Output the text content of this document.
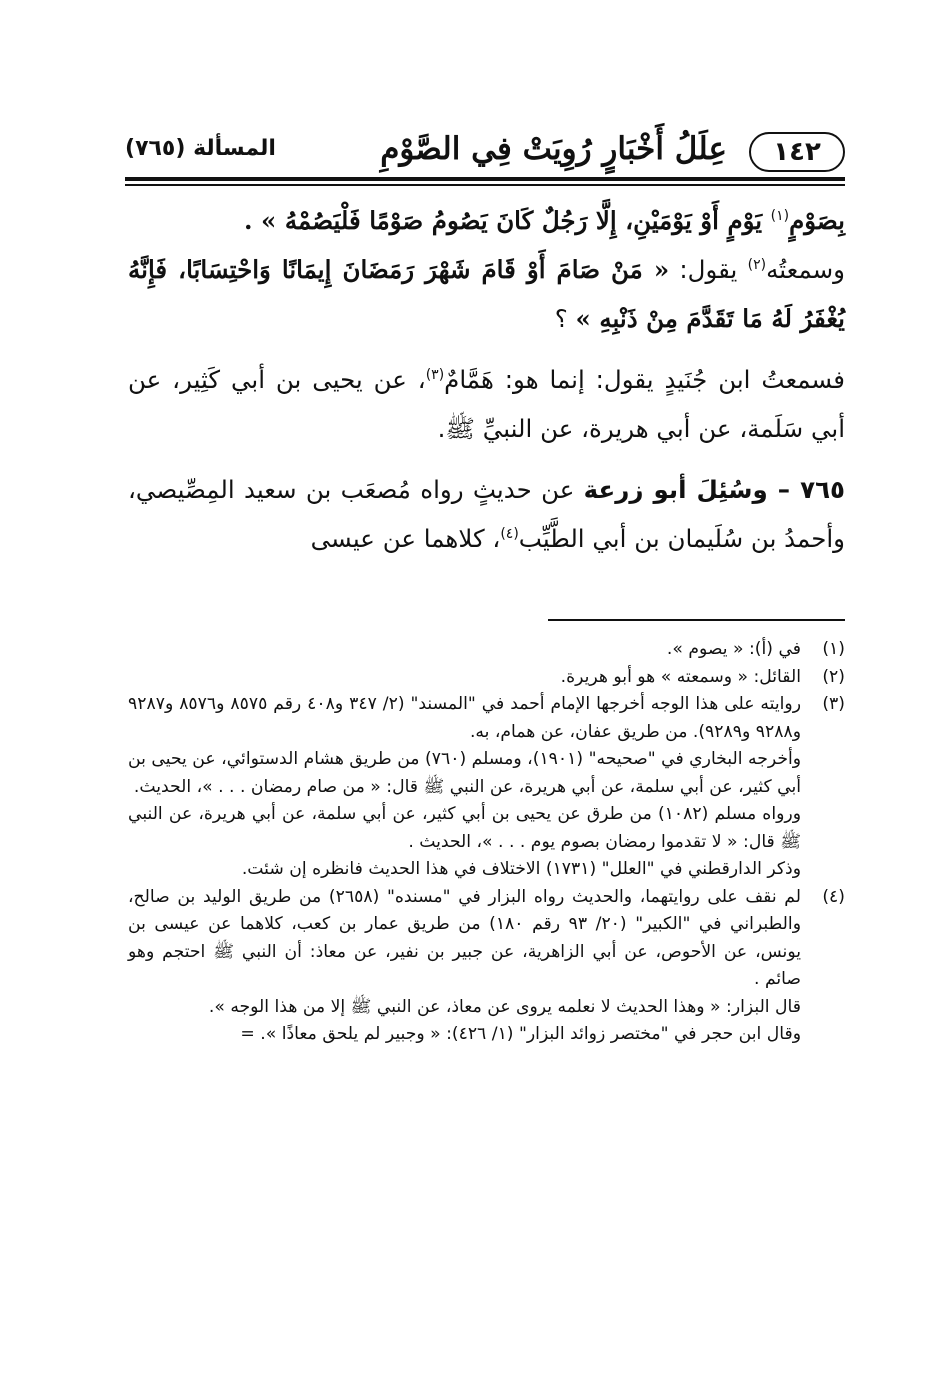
١٤٢
عِلَلُ أَخْبَارٍ رُوِيَتْ فِي الصَّوْمِ
المسألة (٧٦٥)

بِصَوْمٍ$^{(١)}$ يَوْمٍ أَوْ يَوْمَيْنِ، إِلَّا رَجُلٌ كَانَ يَصُومُ صَوْمًا فَلْيَصُمْهُ » .

وسمعتُه$^{(٢)}$ يقول: « مَنْ صَامَ أَوْ قَامَ شَهْرَ رَمَضَانَ إِيمَانًا وَاحْتِسَابًا، فَإِنَّهُ يُغْفَرُ لَهُ مَا تَقَدَّمَ مِنْ ذَنْبِهِ » ؟

فسمعتُ ابن جُنَيدٍ يقول: إنما هو: هَمَّامٌ$^{(٣)}$، عن يحيى بن أبي كَثِير، عن أبي سَلَمة، عن أبي هريرة، عن النبيِّ ﷺ.

٧٦٥ – وسُئِلَ أبو زرعة عن حديثٍ رواه مُصعَب بن سعيد المِصِّيصي، وأحمدُ بن سُلَيمان بن أبي الطَّيِّب$^{(٤)}$، كلاهما عن عيسى

(١)

في (أ): « يصوم ».

(٢)

القائل: « وسمعته » هو أبو هريرة.

(٣)

روايته على هذا الوجه أخرجها الإمام أحمد في "المسند" (٢/ ٣٤٧ و٤٠٨ رقم ٨٥٧٥ و٨٥٧٦ و٩٢٨٧ و٩٢٨٨ و٩٢٨٩). من طريق عفان، عن همام، به.

وأخرجه البخاري في "صحيحه" (١٩٠١)، ومسلم (٧٦٠) من طريق هشام الدستوائي، عن يحيى بن أبي كثير، عن أبي سلمة، عن أبي هريرة، عن النبي ﷺ قال: « من صام رمضان . . . »، الحديث.

ورواه مسلم (١٠٨٢) من طرق عن يحيى بن أبي كثير، عن أبي سلمة، عن أبي هريرة، عن النبي ﷺ قال: « لا تقدموا رمضان بصوم يوم . . . »، الحديث .

وذكر الدارقطني في "العلل" (١٧٣١) الاختلاف في هذا الحديث فانظره إن شئت.

(٤)

لم نقف على روايتهما، والحديث رواه البزار في "مسنده" (٢٦٥٨) من طريق الوليد بن صالح، والطبراني في "الكبير" (٢٠/ ٩٣ رقم ١٨٠) من طريق عمار بن كعب، كلاهما عن عيسى بن يونس، عن الأحوص، عن أبي الزاهرية، عن جبير بن نفير، عن معاذ: أن النبي ﷺ احتجم وهو صائم .

قال البزار: « وهذا الحديث لا نعلمه يروى عن معاذ، عن النبي ﷺ إلا من هذا الوجه ».

وقال ابن حجر في "مختصر زوائد البزار" (١/ ٤٢٦): « وجبير لم يلحق معاذًا ». =
